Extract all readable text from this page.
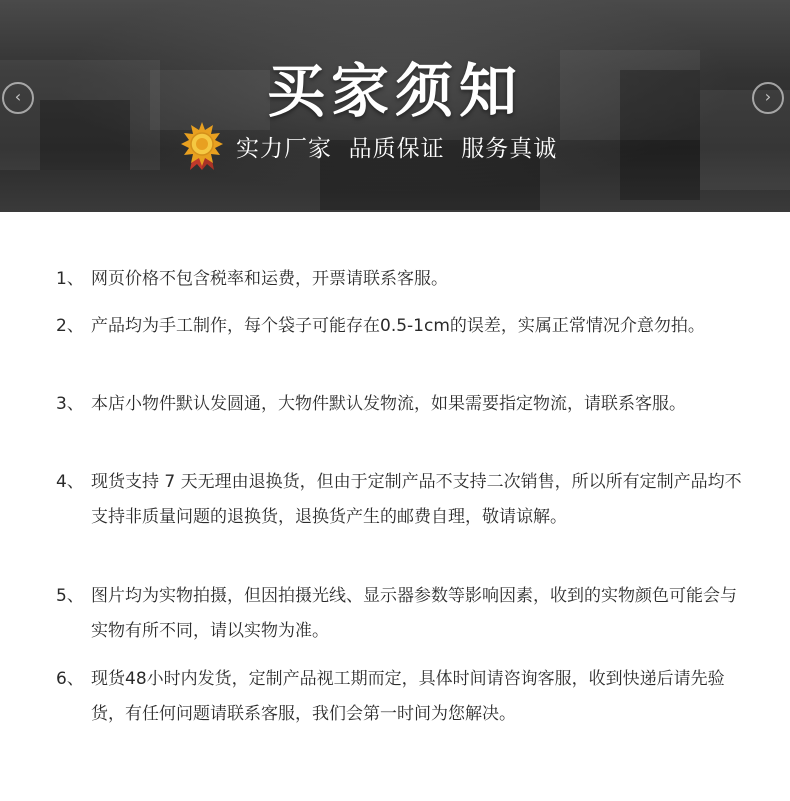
‹	›
买家须知
实力厂家  品质保证  服务真诚
1、 网页价格不包含税率和运费，开票请联系客服。
2、 产品均为手工制作，每个袋子可能存在0.5-1cm的误差，实属正常情况介意勿拍。
3、 本店小物件默认发圆通，大物件默认发物流，如果需要指定物流，请联系客服。
4、 现货支持 7 天无理由退换货，但由于定制产品不支持二次销售，所以所有定制产品均不支持非质量问题的退换货，退换货产生的邮费自理，敬请谅解。
5、 图片均为实物拍摄，但因拍摄光线、显示器参数等影响因素，收到的实物颜色可能会与实物有所不同，请以实物为准。
6、 现货48小时内发货，定制产品视工期而定，具体时间请咨询客服，收到快递后请先验货，有任何问题请联系客服，我们会第一时间为您解决。
